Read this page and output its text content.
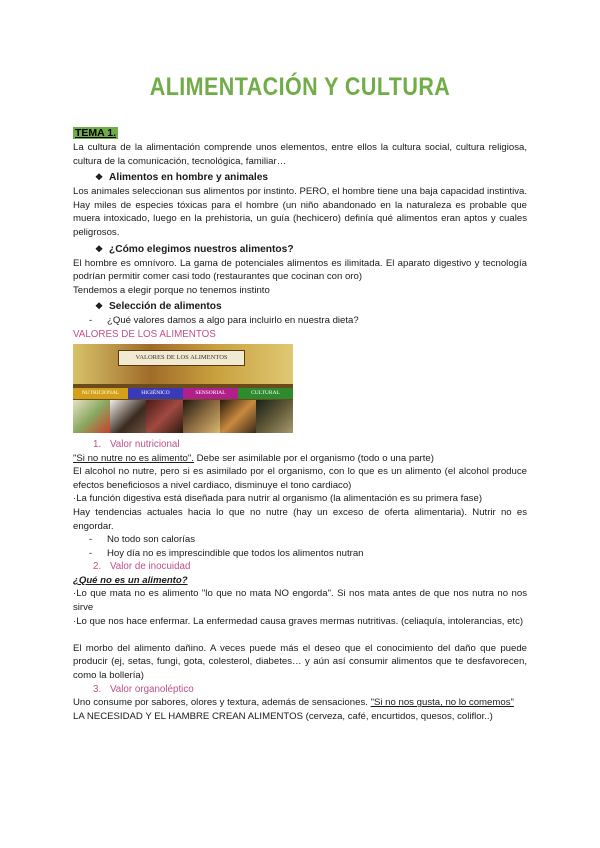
ALIMENTACIÓN Y CULTURA
TEMA 1.

La cultura de la alimentación comprende unos elementos, entre ellos la cultura social, cultura religiosa, cultura de la comunicación, tecnológica, familiar…

❖ Alimentos en hombre y animales

Los animales seleccionan sus alimentos por instinto. PERO, el hombre tiene una baja capacidad instintiva. Hay miles de especies tóxicas para el hombre (un niño abandonado en la naturaleza es probable que muera intoxicado, luego en la prehistoria, un guía (hechicero) definía qué alimentos eran aptos y cuales peligrosos.

❖ ¿Cómo elegimos nuestros alimentos?

El hombre es omnívoro. La gama de potenciales alimentos es ilimitada. El aparato digestivo y tecnología podrían permitir comer casi todo (restaurantes que cocinan con oro)

Tendemos a elegir porque no tenemos instinto

❖ Selección de alimentos
- ¿Qué valores damos a algo para incluirlo en nuestra dieta?

VALORES DE LOS ALIMENTOS

VALORES DE LOS ALIMENTOS
NUTRICIONAL	HIGIÉNICO	SENSORIAL	CULTURAL
1. Valor nutricional

"Si no nutre no es alimento". Debe ser asimilable por el organismo (todo o una parte)

El alcohol no nutre, pero si es asimilado por el organismo, con lo que es un alimento (el alcohol produce efectos beneficiosos a nivel cardiaco, disminuye el tono cardiaco)

·La función digestiva está diseñada para nutrir al organismo (la alimentación es su primera fase)

Hay tendencias actuales hacia lo que no nutre (hay un exceso de oferta alimentaria). Nutrir no es engordar.

- No todo son calorías
- Hoy día no es imprescindible que todos los alimentos nutran
2. Valor de inocuidad

¿Qué no es un alimento?

·Lo que mata no es alimento "lo que no mata NO engorda". Si nos mata antes de que nos nutra no nos sirve

·Lo que nos hace enfermar. La enfermedad causa graves mermas nutritivas. (celiaquía, intolerancias, etc)

El morbo del alimento dañino. A veces puede más el deseo que el conocimiento del daño que puede producir (ej, setas, fungi, gota, colesterol, diabetes… y aún así consumir alimentos que te desfavorecen, como la bollería)

3. Valor organoléptico

Uno consume por sabores, olores y textura, además de sensaciones. "Si no nos gusta, no lo comemos"

LA NECESIDAD Y EL HAMBRE CREAN ALIMENTOS (cerveza, café, encurtidos, quesos, coliflor..)
